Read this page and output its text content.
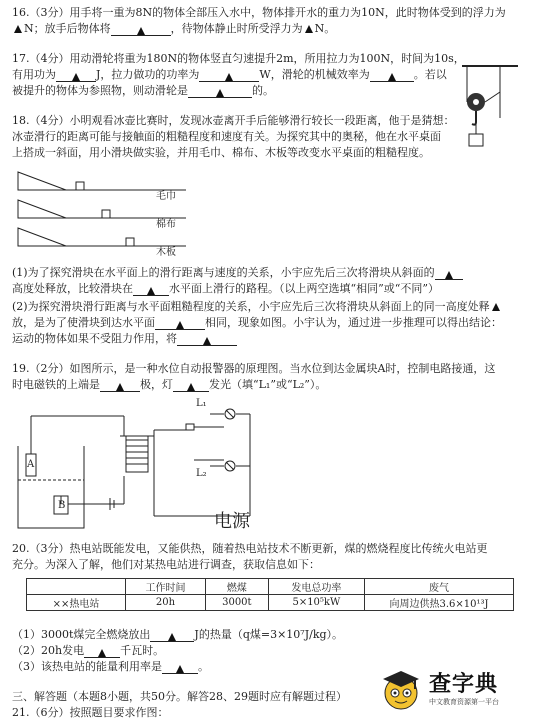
16.（3分）用手将一重为8N的物体全部压入水中，物体排开水的重力为10N，此时物体受到的浮力为
N；放手后物体将	，待物体静止时所受浮力为 N。
17.（4分）用动滑轮将重为180N的物体竖直匀速提升2m，所用拉力为100N，时间为10s，
有用功为	J，拉力做功的功率为	W，滑轮的机械效率为	。若以
被提升的物体为参照物，则动滑轮是	的。
18.（4分）小明观看冰壶比赛时，发现冰壶离开手后能够滑行较长一段距离，他于是猜想：
冰壶滑行的距离可能与接触面的粗糙程度和速度有关。为探究其中的奥秘，他在水平桌面
上搭成一斜面，用小滑块做实验，并用毛巾、棉布、木板等改变水平桌面的粗糙程度。
毛巾
棉布
木板
(1)为了探究滑块在水平面上的滑行距离与速度的关系，小宇应先后三次将滑块从斜面的
高度处释放，比较滑块在	水平面上滑行的路程。（以上两空选填“相同”或“不同”）
(2)为探究滑块滑行距离与水平面粗糙程度的关系，小宇应先后三次将滑块从斜面上的同一高度处释
放，是为了使滑块到达水平面	相同，现象如图。小宇认为，通过进一步推理可以得出结论：
运动的物体如果不受阻力作用，将
19.（2分）如图所示，是一种水位自动报警器的原理图。当水位到达金属块A时，控制电路接通，这
时电磁铁的上端是	极，灯	发光（填“L₁”或“L₂”）。
A
B
L₁
L₂
电源
20.（3分）热电站既能发电，又能供热，随着热电站技术不断更新，煤的燃烧程度比传统火电站更
充分。为深入了解，他们对某热电站进行调查，获取信息如下：
	工作时间	燃煤	发电总功率	废气
××热电站	20h	3000t	5×10⁵kW	向周边供热3.6×10¹³J
（1）3000t煤完全燃烧放出	J的热量（q煤=3×10⁷J/kg）。
（2）20h发电	千瓦时。
（3）该热电站的能量利用率是	。
三、解答题（本题8小题，共50分。解答28、29题时应有解题过程）
21.（6分）按照题目要求作图：
查字典
中文教育资源第一平台
